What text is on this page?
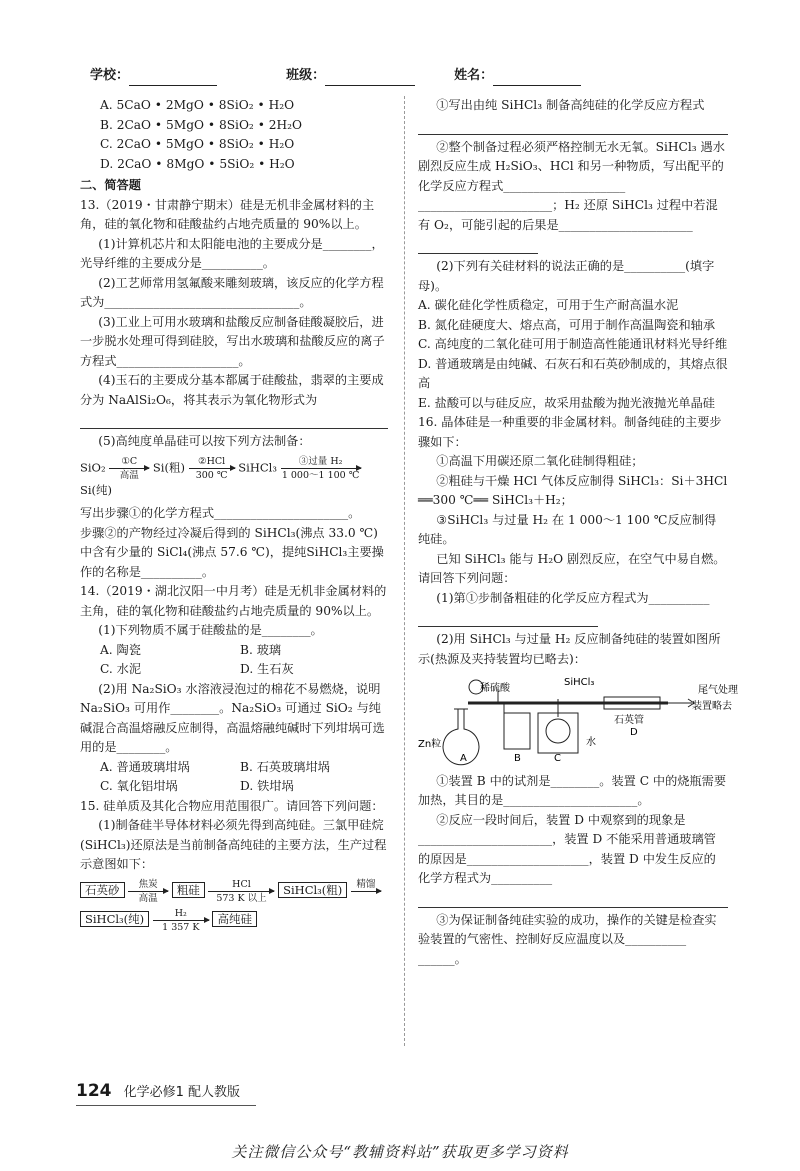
学校：	班级：	姓名：

A. 5CaO • 2MgO • 8SiO₂ • H₂O

B. 2CaO • 5MgO • 8SiO₂ • 2H₂O

C. 2CaO • 5MgO • 8SiO₂ • H₂O

D. 2CaO • 8MgO • 5SiO₂ • H₂O

二、简答题

13.（2019・甘肃静宁期末）硅是无机非金属材料的主角，硅的氧化物和硅酸盐约占地壳质量的 90%以上。

(1)计算机芯片和太阳能电池的主要成分是________，光导纤维的主要成分是__________。

(2)工艺师常用氢氟酸来雕刻玻璃，该反应的化学方程式为________________________________。

(3)工业上可用水玻璃和盐酸反应制备硅酸凝胶后，进一步脱水处理可得到硅胶，写出水玻璃和盐酸反应的离子方程式____________________。

(4)玉石的主要成分基本都属于硅酸盐，翡翠的主要成分为 NaAlSi₂O₆，将其表示为氧化物形式为

(5)高纯度单晶硅可以按下列方法制备：

SiO₂	①C
高温
Si(粗)	②HCl
300 ℃
SiHCl₃	③过量 H₂
1 000～1 100 ℃
Si(纯)

写出步骤①的化学方程式______________________。

步骤②的产物经过冷凝后得到的 SiHCl₃(沸点 33.0 ℃)中含有少量的 SiCl₄(沸点 57.6 ℃)，提纯SiHCl₃主要操作的名称是__________。

14.（2019・湖北汉阳一中月考）硅是无机非金属材料的主角，硅的氧化物和硅酸盐约占地壳质量的 90%以上。

(1)下列物质不属于硅酸盐的是________。

A. 陶瓷	B. 玻璃
C. 水泥	D. 生石灰

(2)用 Na₂SiO₃ 水溶液浸泡过的棉花不易燃烧，说明 Na₂SiO₃ 可用作________。Na₂SiO₃ 可通过 SiO₂ 与纯碱混合高温熔融反应制得，高温熔融纯碱时下列坩埚可选用的是________。

A. 普通玻璃坩埚	B. 石英玻璃坩埚
C. 氧化铝坩埚	D. 铁坩埚

15. 硅单质及其化合物应用范围很广。请回答下列问题：

(1)制备硅半导体材料必须先得到高纯硅。三氯甲硅烷(SiHCl₃)还原法是当前制备高纯硅的主要方法，生产过程示意图如下：

石英砂	焦炭
高温
粗硅	HCl
573 K 以上
SiHCl₃(粗)	精馏

SiHCl₃(纯) $\frac{\text{H₂}}{1 357 K}$ 高纯硅

①写出由纯 SiHCl₃ 制备高纯硅的化学反应方程式

②整个制备过程必须严格控制无水无氧。SiHCl₃ 遇水剧烈反应生成 H₂SiO₃、HCl 和另一种物质，写出配平的化学反应方程式____________________

______________________；H₂ 还原 SiHCl₃ 过程中若混有 O₂，可能引起的后果是______________________

(2)下列有关硅材料的说法正确的是__________(填字母)。

A. 碳化硅化学性质稳定，可用于生产耐高温水泥

B. 氮化硅硬度大、熔点高，可用于制作高温陶瓷和轴承

C. 高纯度的二氧化硅可用于制造高性能通讯材料光导纤维

D. 普通玻璃是由纯碱、石灰石和石英砂制成的，其熔点很高

E. 盐酸可以与硅反应，故采用盐酸为抛光液抛光单晶硅

16. 晶体硅是一种重要的非金属材料。制备纯硅的主要步骤如下：

①高温下用碳还原二氧化硅制得粗硅；

②粗硅与干燥 HCl 气体反应制得 SiHCl₃：Si＋3HCl ══300 ℃══ SiHCl₃＋H₂；

③SiHCl₃ 与过量 H₂ 在 1 000～1 100 ℃反应制得纯硅。

已知 SiHCl₃ 能与 H₂O 剧烈反应，在空气中易自燃。请回答下列问题：

(1)第①步制备粗硅的化学反应方程式为__________

(2)用 SiHCl₃ 与过量 H₂ 反应制备纯硅的装置如图所示(热源及夹持装置均已略去)：

稀硫酸
SiHCl₃
尾气处理
装置略去
石英管
D
Zn粒
A	B	C
水

①装置 B 中的试剂是________。装置 C 中的烧瓶需要加热，其目的是______________________。

②反应一段时间后，装置 D 中观察到的现象是______________________，装置 D 不能采用普通玻璃管的原因是____________________，装置 D 中发生反应的化学方程式为__________

③为保证制备纯硅实验的成功，操作的关键是检查实验装置的气密性、控制好反应温度以及__________

______。

124 化学必修1 配人教版
关注微信公众号“教辅资料站”获取更多学习资料
